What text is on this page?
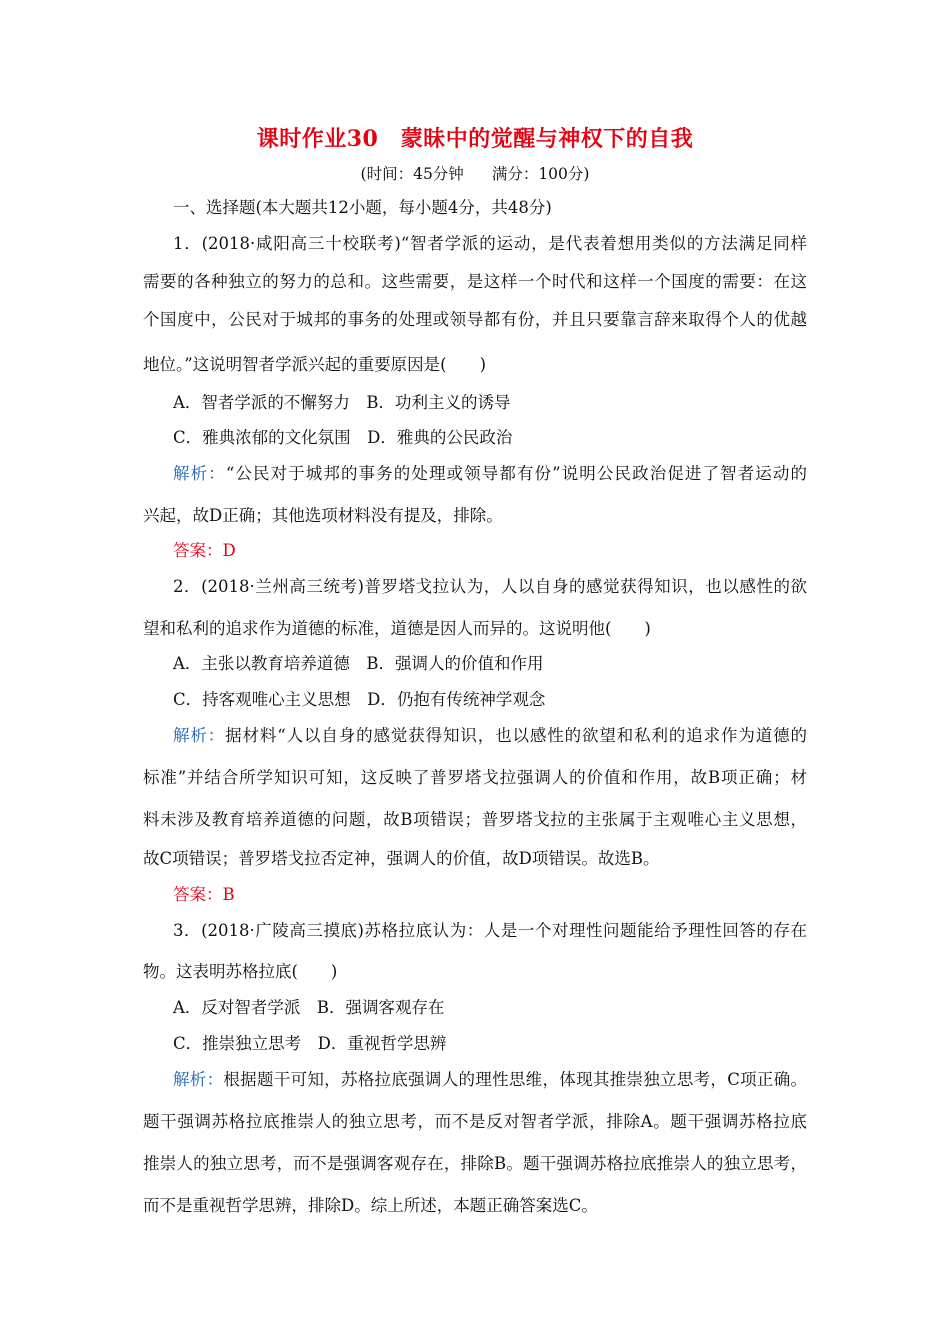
课时作业30　蒙昧中的觉醒与神权下的自我
(时间：45分钟 满分：100分)
一、选择题(本大题共12小题，每小题4分，共48分)
1．(2018·咸阳高三十校联考)“智者学派的运动，是代表着想用类似的方法满足同样
需要的各种独立的努力的总和。这些需要，是这样一个时代和这样一个国度的需要：在这
个国度中，公民对于城邦的事务的处理或领导都有份，并且只要靠言辞来取得个人的优越
地位。”这说明智者学派兴起的重要原因是(　　)
A．智者学派的不懈努力　B．功利主义的诱导
C．雅典浓郁的文化氛围　D．雅典的公民政治
解析：“公民对于城邦的事务的处理或领导都有份”说明公民政治促进了智者运动的
兴起，故D正确；其他选项材料没有提及，排除。
答案：D
2．(2018·兰州高三统考)普罗塔戈拉认为，人以自身的感觉获得知识，也以感性的欲
望和私利的追求作为道德的标准，道德是因人而异的。这说明他(　　)
A．主张以教育培养道德　B．强调人的价值和作用
C．持客观唯心主义思想　D．仍抱有传统神学观念
解析：据材料“人以自身的感觉获得知识，也以感性的欲望和私利的追求作为道德的
标准”并结合所学知识可知，这反映了普罗塔戈拉强调人的价值和作用，故B项正确；材
料未涉及教育培养道德的问题，故B项错误；普罗塔戈拉的主张属于主观唯心主义思想，
故C项错误；普罗塔戈拉否定神，强调人的价值，故D项错误。故选B。
答案：B
3．(2018·广陵高三摸底)苏格拉底认为：人是一个对理性问题能给予理性回答的存在
物。这表明苏格拉底(　　)
A．反对智者学派　B．强调客观存在
C．推崇独立思考　D．重视哲学思辨
解析：根据题干可知，苏格拉底强调人的理性思维，体现其推崇独立思考，C项正确。
题干强调苏格拉底推崇人的独立思考，而不是反对智者学派，排除A。题干强调苏格拉底
推崇人的独立思考，而不是强调客观存在，排除B。题干强调苏格拉底推崇人的独立思考，
而不是重视哲学思辨，排除D。综上所述，本题正确答案选C。
